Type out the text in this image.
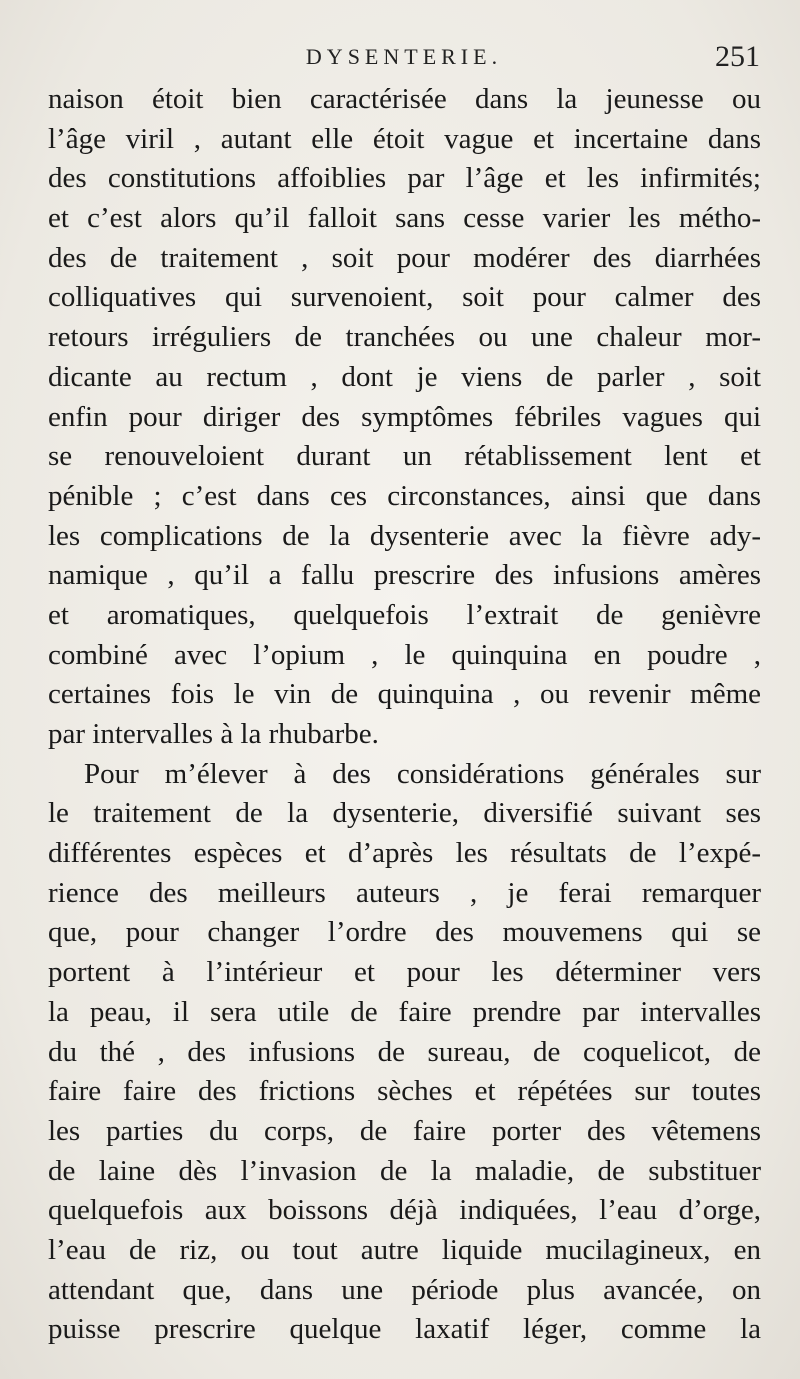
DYSENTERIE.	251
naison étoit bien caractérisée dans la jeunesse ou
l’âge viril , autant elle étoit vague et incertaine dans
des constitutions affoiblies par l’âge et les infirmités;
et c’est alors qu’il falloit sans cesse varier les métho-
des de traitement , soit pour modérer des diarrhées
colliquatives qui survenoient, soit pour calmer des
retours irréguliers de tranchées ou une chaleur mor-
dicante au rectum , dont je viens de parler , soit
enfin pour diriger des symptômes fébriles vagues qui
se renouveloient durant un rétablissement lent et
pénible ; c’est dans ces circonstances, ainsi que dans
les complications de la dysenterie avec la fièvre ady-
namique , qu’il a fallu prescrire des infusions amères
et aromatiques, quelquefois l’extrait de genièvre
combiné avec l’opium , le quinquina en poudre ,
certaines fois le vin de quinquina , ou revenir même
par intervalles à la rhubarbe.
Pour m’élever à des considérations générales sur
le traitement de la dysenterie, diversifié suivant ses
différentes espèces et d’après les résultats de l’expé-
rience des meilleurs auteurs , je ferai remarquer
que, pour changer l’ordre des mouvemens qui se
portent à l’intérieur et pour les déterminer vers
la peau, il sera utile de faire prendre par intervalles
du thé , des infusions de sureau, de coquelicot, de
faire faire des frictions sèches et répétées sur toutes
les parties du corps, de faire porter des vêtemens
de laine dès l’invasion de la maladie, de substituer
quelquefois aux boissons déjà indiquées, l’eau d’orge,
l’eau de riz, ou tout autre liquide mucilagineux, en
attendant que, dans une période plus avancée, on
puisse prescrire quelque laxatif léger, comme la
